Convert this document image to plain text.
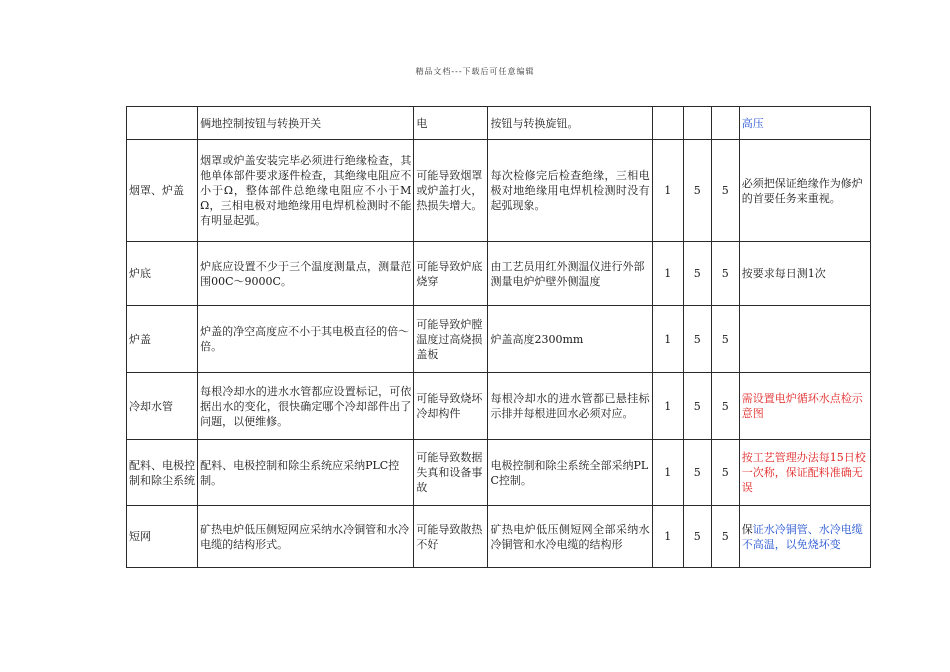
精品文档---下载后可任意编辑
	俩地控制按钮与转换开关	电	按钮与转换旋钮。				高压
烟罩、炉盖	烟罩或炉盖安装完毕必须进行绝缘检查，其他单体部件要求逐件检查，其绝缘电阻应不小于Ω，整体部件总绝缘电阻应不小于MΩ，三相电极对地绝缘用电焊机检测时不能有明显起弧。	可能导致烟罩或炉盖打火，热损失增大。	每次检修完后检查绝缘，三相电极对地绝缘用电焊机检测时没有起弧现象。	1	5	5	必须把保证绝缘作为修炉的首要任务来重视。
炉底	炉底应设置不少于三个温度测量点，测量范围00C～9000C。	可能导致炉底烧穿	由工艺员用红外测温仪进行外部测量电炉炉壁外侧温度	1	5	5	按要求每日测1次
炉盖	炉盖的净空高度应不小于其电极直径的倍～倍。	可能导致炉膛温度过高烧损盖板	炉盖高度2300mm	1	5	5	
冷却水管	每根冷却水的进水水管都应设置标记，可依据出水的变化，很快确定哪个冷却部件出了问题，以便维修。	可能导致烧坏冷却构件	每根冷却水的进水管都已悬挂标示排并每根进回水必须对应。	1	5	5	需设置电炉循环水点检示意图
配料、电极控制和除尘系统	配料、电极控制和除尘系统应采纳PLC控制。	可能导致数据失真和设备事故	电极控制和除尘系统全部采纳PLC控制。	1	5	5	按工艺管理办法每15日校一次称，保证配料准确无误
短网	矿热电炉低压侧短网应采纳水冷铜管和水冷电缆的结构形式。	可能导致散热不好	矿热电炉低压侧短网全部采纳水冷铜管和水冷电缆的结构形	1	5	5	保证水冷铜管、水冷电缆不高温，以免烧坏变
